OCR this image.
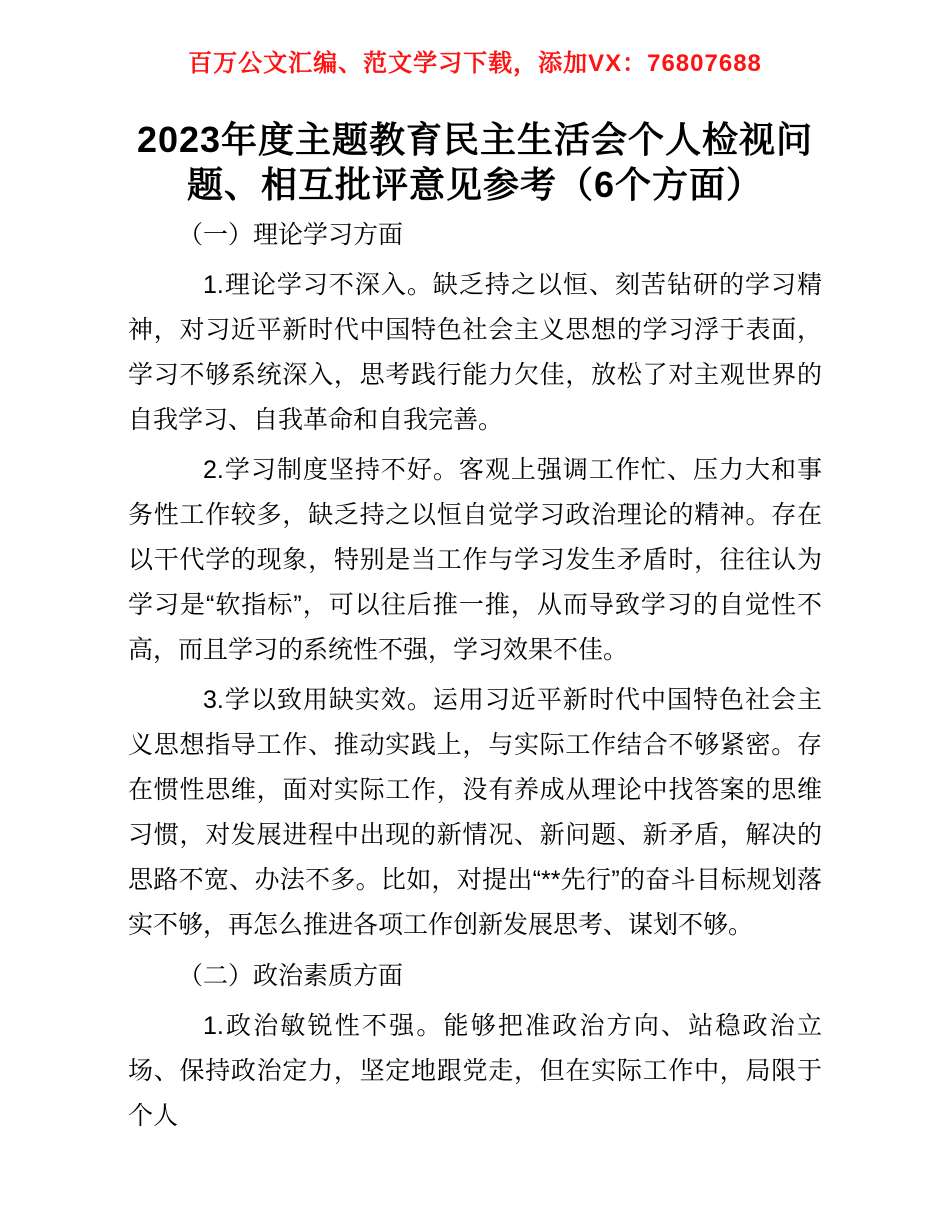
百万公文汇编、范文学习下载，添加VX：76807688
2023年度主题教育民主生活会个人检视问题、相互批评意见参考（6个方面）
（一）理论学习方面

1.理论学习不深入。缺乏持之以恒、刻苦钻研的学习精神，对习近平新时代中国特色社会主义思想的学习浮于表面，学习不够系统深入，思考践行能力欠佳，放松了对主观世界的自我学习、自我革命和自我完善。

2.学习制度坚持不好。客观上强调工作忙、压力大和事务性工作较多，缺乏持之以恒自觉学习政治理论的精神。存在以干代学的现象，特别是当工作与学习发生矛盾时，往往认为学习是“软指标”，可以往后推一推，从而导致学习的自觉性不高，而且学习的系统性不强，学习效果不佳。

3.学以致用缺实效。运用习近平新时代中国特色社会主义思想指导工作、推动实践上，与实际工作结合不够紧密。存在惯性思维，面对实际工作，没有养成从理论中找答案的思维习惯，对发展进程中出现的新情况、新问题、新矛盾，解决的思路不宽、办法不多。比如，对提出“**先行”的奋斗目标规划落实不够，再怎么推进各项工作创新发展思考、谋划不够。

（二）政治素质方面

1.政治敏锐性不强。能够把准政治方向、站稳政治立场、保持政治定力，坚定地跟党走，但在实际工作中，局限于个人
